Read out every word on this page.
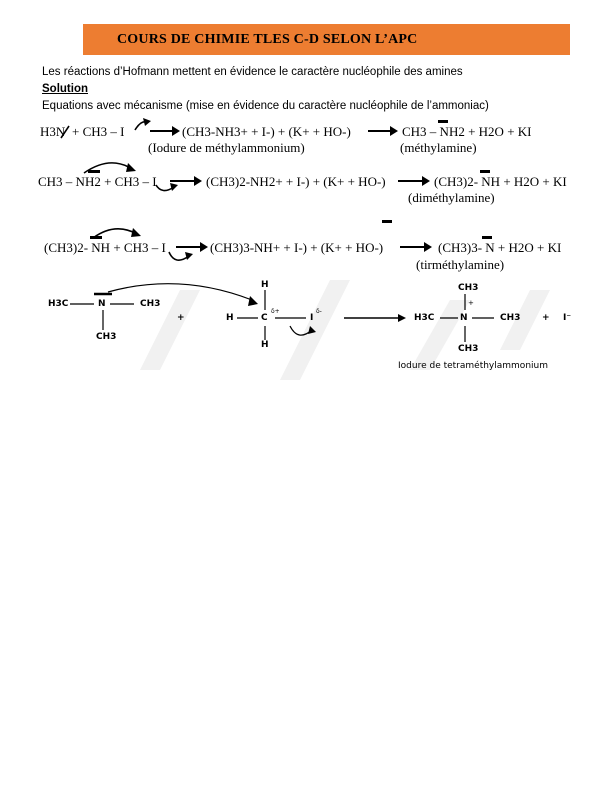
COURS DE CHIMIE TLES C-D SELON L’APC
Les réactions d’Hofmann mettent en évidence le caractère nucléophile des amines
Solution
Equations avec mécanisme (mise en évidence du caractère nucléophile de l’ammoniac)
H3N + CH3 – I	(CH3-NH3+ + I-) + (K+ + HO-)	CH3 – NH2 + H2O + KI
(Iodure de méthylammonium)	(méthylamine)
CH3 – NH2 + CH3 – I	(CH3)2-NH2+ + I-) + (K+ + HO-)	(CH3)2- NH + H2O + KI
(diméthylamine)
(CH3)2- NH + CH3 – I	(CH3)3-NH+ + I-) + (K+ + HO-)	(CH3)3- N + H2O + KI
(tirméthylamine)
H3C	N	CH3
CH3
+
H
H	C
δ+
H
I
δ-
CH3
+
H3C	N	CH3
CH3
+ I⁻
Iodure de tetraméthylammonium
